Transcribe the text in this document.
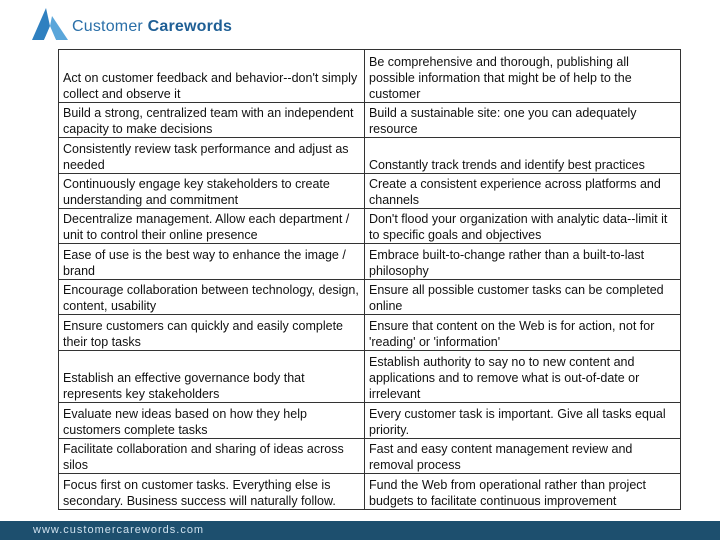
Customer Carewords
Act on customer feedback and behavior--don't simply collect and observe it	Be comprehensive and thorough, publishing all possible information that might be of help to the customer
Build a strong, centralized team with an independent capacity to make decisions	Build a sustainable site: one you can adequately resource
Consistently review task performance and adjust as needed	Constantly track trends and identify best practices
Continuously engage key stakeholders to create understanding and commitment	Create a consistent experience across platforms and channels
Decentralize management. Allow each department / unit to control their online presence	Don't flood your organization with analytic data--limit it to specific goals and objectives
Ease of use is the best way to enhance the image / brand	Embrace built-to-change rather than a built-to-last philosophy
Encourage collaboration between technology, design, content, usability	Ensure all possible customer tasks can be completed online
Ensure customers can quickly and easily complete their top tasks	Ensure that content on the Web is for action, not for 'reading' or 'information'
Establish an effective governance body that represents key stakeholders	Establish authority to say no to new content and applications and to remove what is out-of-date or irrelevant
Evaluate new ideas based on how they help customers complete tasks	Every customer task is important. Give all tasks equal priority.
Facilitate collaboration and sharing of ideas across silos	Fast and easy content management review and removal process
Focus first on customer tasks. Everything else is secondary. Business success will naturally follow.	Fund the Web from operational rather than project budgets to facilitate continuous improvement
www.customercarewords.com
